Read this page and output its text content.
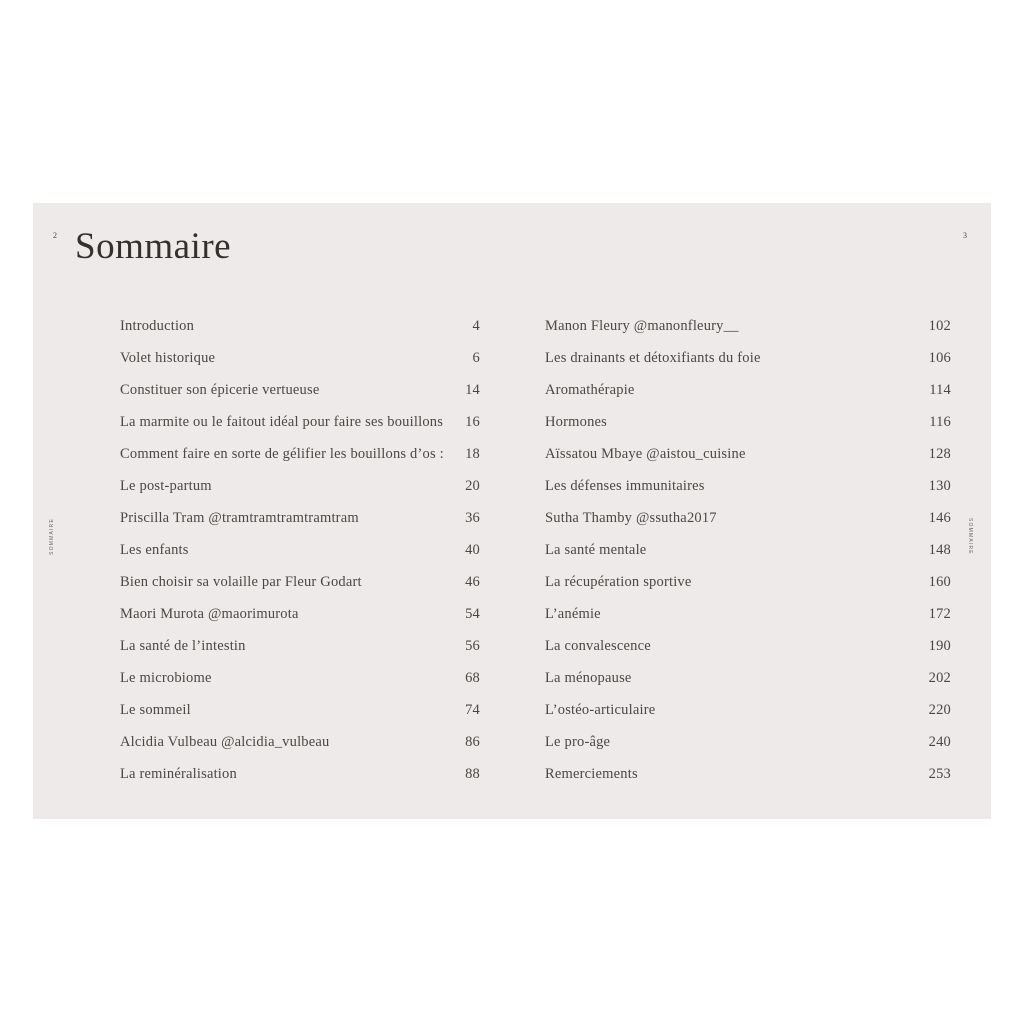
2	3
SOMMAIRE	SOMMAIRE
Sommaire
Introduction	4
Volet historique	6
Constituer son épicerie vertueuse	14
La marmite ou le faitout idéal pour faire ses bouillons 16
Comment faire en sorte de gélifier les bouillons d’os : 18
Le post-partum	20
Priscilla Tram @tramtramtramtramtram	36
Les enfants	40
Bien choisir sa volaille par Fleur Godart	46
Maori Murota @maorimurota	54
La santé de l’intestin	56
Le microbiome	68
Le sommeil	74
Alcidia Vulbeau @alcidia_vulbeau	86
La reminéralisation	88
Manon Fleury @manonfleury__	102
Les drainants et détoxifiants du foie	106
Aromathérapie	114
Hormones	116
Aïssatou Mbaye @aistou_cuisine	128
Les défenses immunitaires	130
Sutha Thamby @ssutha2017	146
La santé mentale	148
La récupération sportive	160
L’anémie	172
La convalescence	190
La ménopause	202
L’ostéo-articulaire	220
Le pro-âge	240
Remerciements	253
